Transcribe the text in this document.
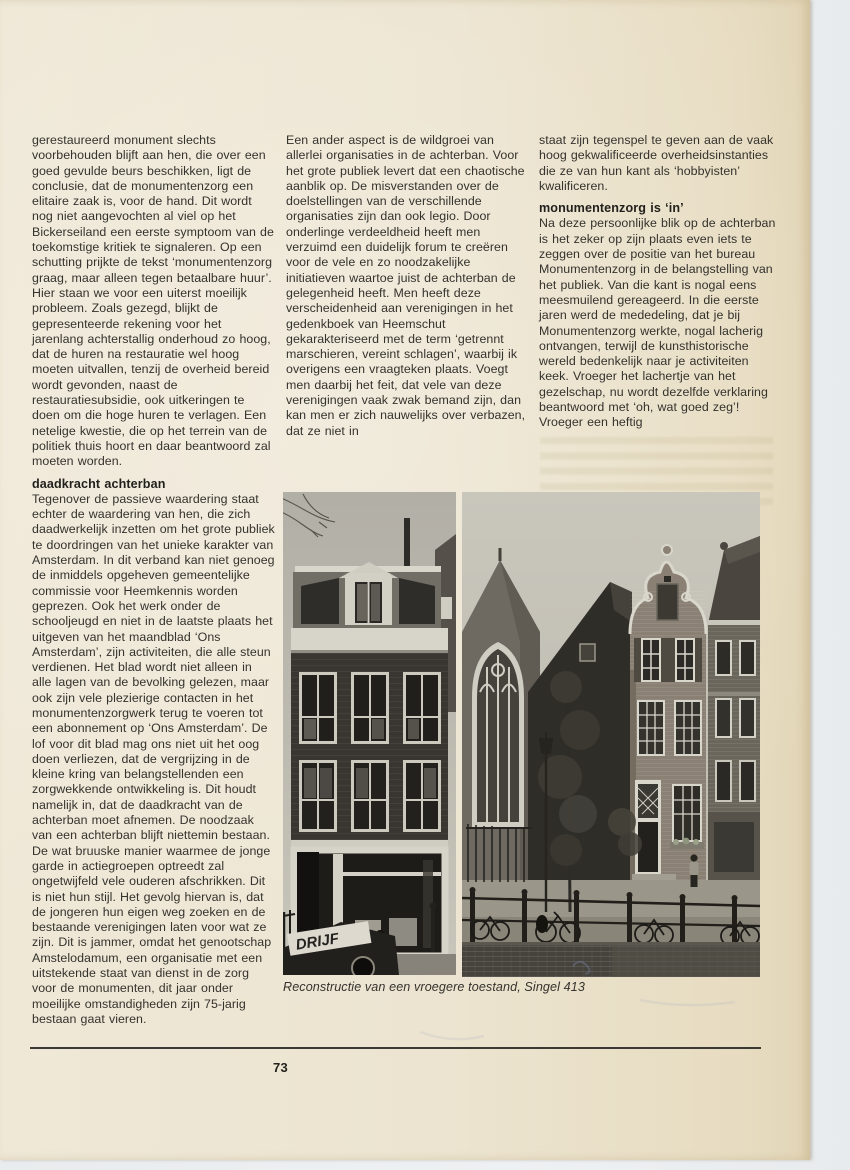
gerestaureerd monument slechts voorbehouden blijft aan hen, die over een goed gevulde beurs beschikken, ligt de conclusie, dat de monumentenzorg een elitaire zaak is, voor de hand. Dit wordt nog niet aangevochten al viel op het Bickerseiland een eerste symptoom van de toekomstige kritiek te signaleren. Op een schutting prijkte de tekst ‘monumentenzorg graag, maar alleen tegen betaalbare huur’. Hier staan we voor een uiterst moeilijk probleem. Zoals gezegd, blijkt de gepresenteerde rekening voor het jarenlang achterstallig onderhoud zo hoog, dat de huren na restauratie wel hoog moeten uitvallen, tenzij de overheid bereid wordt gevonden, naast de restauratiesubsidie, ook uitkeringen te doen om die hoge huren te verlagen. Een netelige kwestie, die op het terrein van de politiek thuis hoort en daar beantwoord zal moeten worden.

daadkracht achterban

Tegenover de passieve waardering staat echter de waardering van hen, die zich daadwerkelijk inzetten om het grote publiek te doordringen van het unieke karakter van Amsterdam. In dit verband kan niet genoeg de inmiddels opgeheven gemeentelijke commissie voor Heemkennis worden geprezen. Ook het werk onder de schooljeugd en niet in de laatste plaats het uitgeven van het maandblad ‘Ons Amsterdam’, zijn activiteiten, die alle steun verdienen. Het blad wordt niet alleen in alle lagen van de bevolking gelezen, maar ook zijn vele plezierige contacten in het monumentenzorgwerk terug te voeren tot een abonnement op ‘Ons Amsterdam’. De lof voor dit blad mag ons niet uit het oog doen verliezen, dat de vergrijzing in de kleine kring van belangstellenden een zorgwekkende ontwikkeling is. Dit houdt namelijk in, dat de daadkracht van de achterban moet afnemen. De noodzaak van een achterban blijft niettemin bestaan. De wat bruuske manier waarmee de jonge garde in actiegroepen optreedt zal ongetwijfeld vele ouderen afschrikken. Dit is niet hun stijl. Het gevolg hiervan is, dat de jongeren hun eigen weg zoeken en de bestaande verenigingen laten voor wat ze zijn. Dit is jammer, omdat het genootschap Amstelodamum, een organisatie met een uitstekende staat van dienst in de zorg voor de monumenten, dit jaar onder moeilijke omstandigheden zijn 75-jarig bestaan gaat vieren.

Een ander aspect is de wildgroei van allerlei organisaties in de achterban. Voor het grote publiek levert dat een chaotische aanblik op. De misverstanden over de doelstellingen van de verschillende organisaties zijn dan ook legio. Door onderlinge verdeeldheid heeft men verzuimd een duidelijk forum te creëren voor de vele en zo noodzakelijke initiatieven waartoe juist de achterban de gelegenheid heeft. Men heeft deze verscheidenheid aan verenigingen in het gedenkboek van Heemschut gekarakteriseerd met de term ‘getrennt marschieren, vereint schlagen’, waarbij ik overigens een vraagteken plaats. Voegt men daarbij het feit, dat vele van deze verenigingen vaak zwak bemand zijn, dan kan men er zich nauwelijks over verbazen, dat ze niet in

staat zijn tegenspel te geven aan de vaak hoog gekwalificeerde overheidsinstanties die ze van hun kant als ‘hobbyisten’ kwalificeren.

monumentenzorg is ‘in’

Na deze persoonlijke blik op de achterban is het zeker op zijn plaats even iets te zeggen over de positie van het bureau Monumentenzorg in de belangstelling van het publiek. Van die kant is nogal eens meesmuilend gereageerd. In die eerste jaren werd de mededeling, dat je bij Monumentenzorg werkte, nogal lacherig ontvangen, terwijl de kunsthistorische wereld bedenkelijk naar je activiteiten keek. Vroeger het lachertje van het gezelschap, nu wordt dezelfde verklaring beantwoord met ‘oh, wat goed zeg’! Vroeger een heftig

DRIJF
Reconstructie van een vroegere toestand, Singel 413
73
